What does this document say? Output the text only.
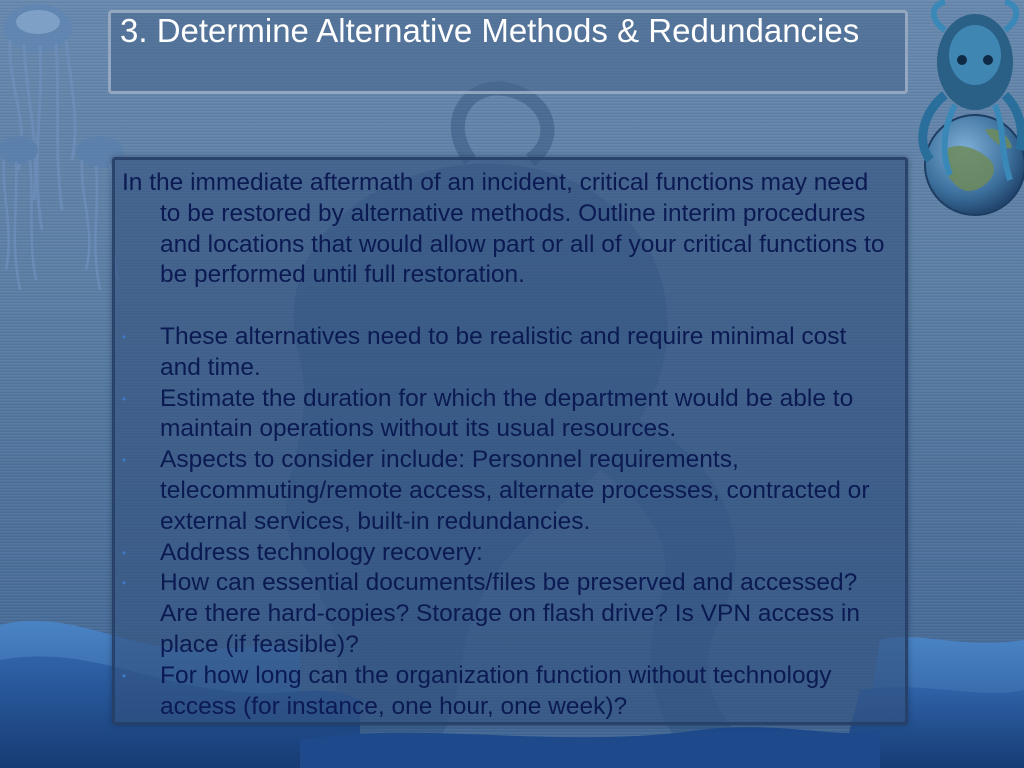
3. Determine Alternative Methods & Redundancies

In the immediate aftermath of an incident, critical functions may need to be restored by alternative methods. Outline interim procedures and locations that would allow part or all of your critical functions to be performed until full restoration.

• These alternatives need to be realistic and require minimal cost and time.
• Estimate the duration for which the department would be able to maintain operations without its usual resources.
• Aspects to consider include: Personnel requirements, telecommuting/remote access, alternate processes, contracted or external services, built-in redundancies.
• Address technology recovery:
• How can essential documents/files be preserved and accessed? Are there hard-copies? Storage on flash drive? Is VPN access in place (if feasible)?
• For how long can the organization function without technology access (for instance, one hour, one week)?
